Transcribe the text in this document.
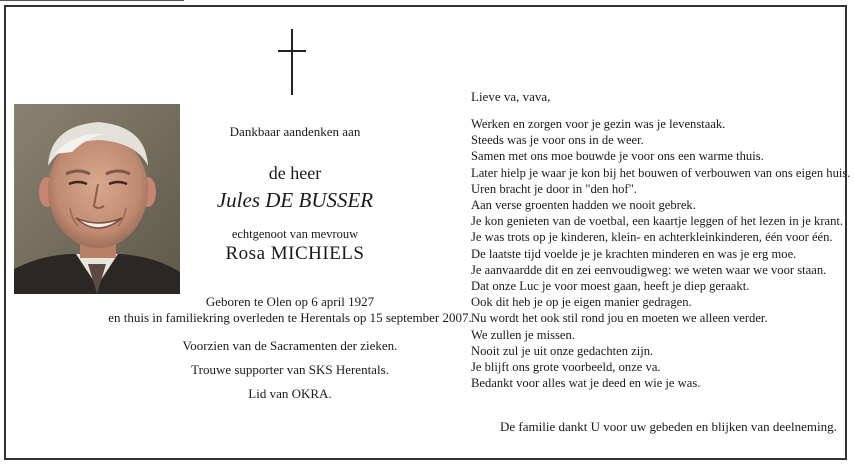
Dankbaar aandenken aan
de heer
Jules DE BUSSER
echtgenoot van mevrouw
Rosa MICHIELS
Geboren te Olen op 6 april 1927
en thuis in familiekring overleden te Herentals op 15 september 2007.
Voorzien van de Sacramenten der zieken.
Trouwe supporter van SKS Herentals.
Lid van OKRA.
Lieve va, vava,
Werken en zorgen voor je gezin was je levenstaak.
Steeds was je voor ons in de weer.
Samen met ons moe bouwde je voor ons een warme thuis.
Later hielp je waar je kon bij het bouwen of verbouwen van ons eigen huis.
Uren bracht je door in "den hof".
Aan verse groenten hadden we nooit gebrek.
Je kon genieten van de voetbal, een kaartje leggen of het lezen in je krant.
Je was trots op je kinderen, klein- en achterkleinkinderen, één voor één.
De laatste tijd voelde je je krachten minderen en was je erg moe.
Je aanvaardde dit en zei eenvoudigweg: we weten waar we voor staan.
Dat onze Luc je voor moest gaan, heeft je diep geraakt.
Ook dit heb je op je eigen manier gedragen.
Nu wordt het ook stil rond jou en moeten we alleen verder.
We zullen je missen.
Nooit zul je uit onze gedachten zijn.
Je blijft ons grote voorbeeld, onze va.
Bedankt voor alles wat je deed en wie je was.
De familie dankt U voor uw gebeden en blijken van deelneming.
